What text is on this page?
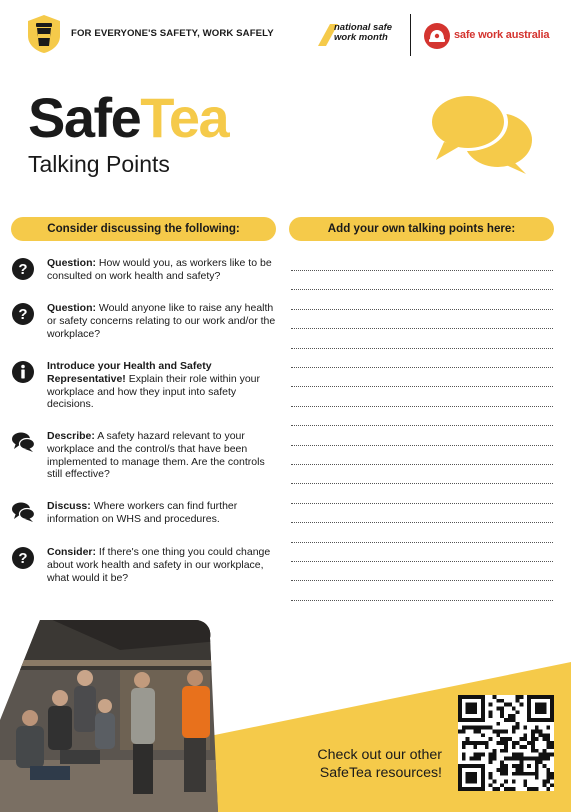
FOR EVERYONE'S SAFETY, WORK SAFELY
national safe
work month	safe work australia
SafeTea
Talking Points
Consider discussing the following:	Add your own talking points here:
? Question: How would you, as workers like to be consulted on work health and safety?
? Question: Would anyone like to raise any health or safety concerns relating to our work and/or the workplace?
Introduce your Health and Safety Representative! Explain their role within your workplace and how they input into safety decisions.
Describe: A safety hazard relevant to your workplace and the control/s that have been implemented to manage them. Are the controls still effective?
Discuss: Where workers can find further information on WHS and procedures.
? Consider: If there's one thing you could change about work health and safety in our workplace, what would it be?
Check out our other
SafeTea resources!
